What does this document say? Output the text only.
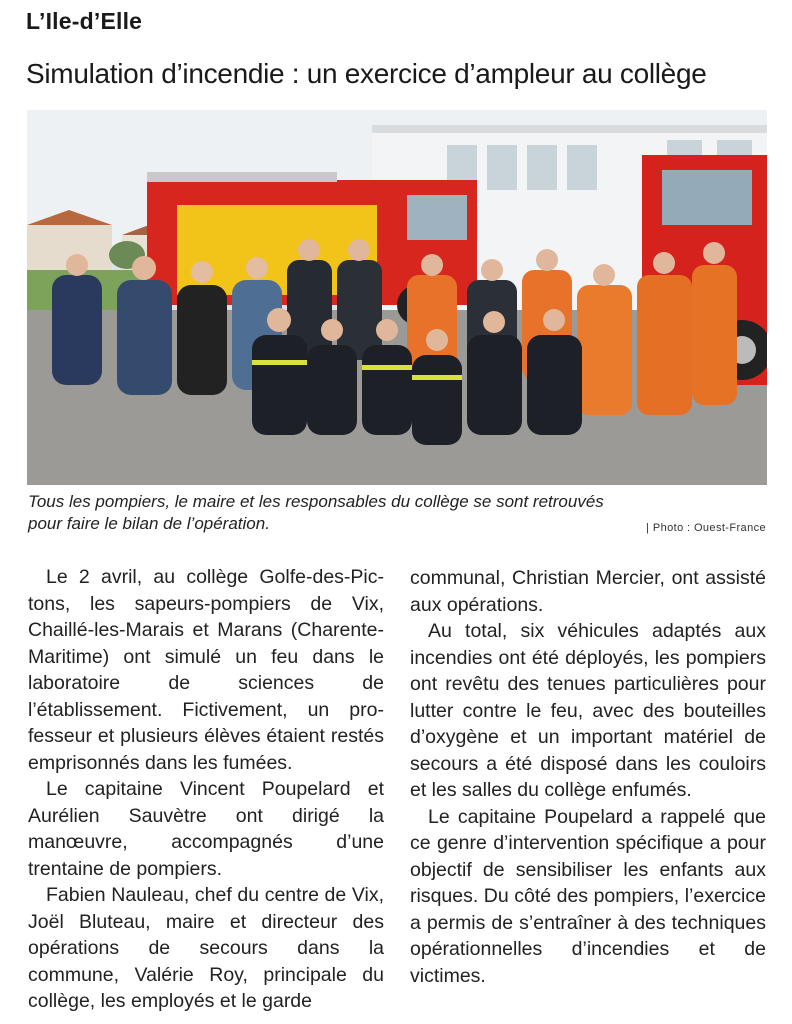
L’Ile-d’Elle
Simulation d’incendie : un exercice d’ampleur au collège
Tous les pompiers, le maire et les responsables du collège se sont retrouvés pour faire le bilan de l’opération.	| Photo : Ouest-France

Le 2 avril, au collège Golfe-des-Pictons, les sapeurs-pompiers de Vix, Chaillé-les-Marais et Marans (Charente-Maritime) ont simulé un feu dans le laboratoire de sciences de l’établissement. Fictivement, un professeur et plusieurs élèves étaient restés emprisonnés dans les fumées.

Le capitaine Vincent Poupelard et Aurélien Sauvètre ont dirigé la manœuvre, accompagnés d’une trentaine de pompiers.

Fabien Nauleau, chef du centre de Vix, Joël Bluteau, maire et directeur des opérations de secours dans la commune, Valérie Roy, principale du collège, les employés et le garde

communal, Christian Mercier, ont assisté aux opérations.

Au total, six véhicules adaptés aux incendies ont été déployés, les pompiers ont revêtu des tenues particulières pour lutter contre le feu, avec des bouteilles d’oxygène et un important matériel de secours a été disposé dans les couloirs et les salles du collège enfumés.

Le capitaine Poupelard a rappelé que ce genre d’intervention spécifique a pour objectif de sensibiliser les enfants aux risques. Du côté des pompiers, l’exercice a permis de s’entraîner à des techniques opérationnelles d’incendies et de victimes.
